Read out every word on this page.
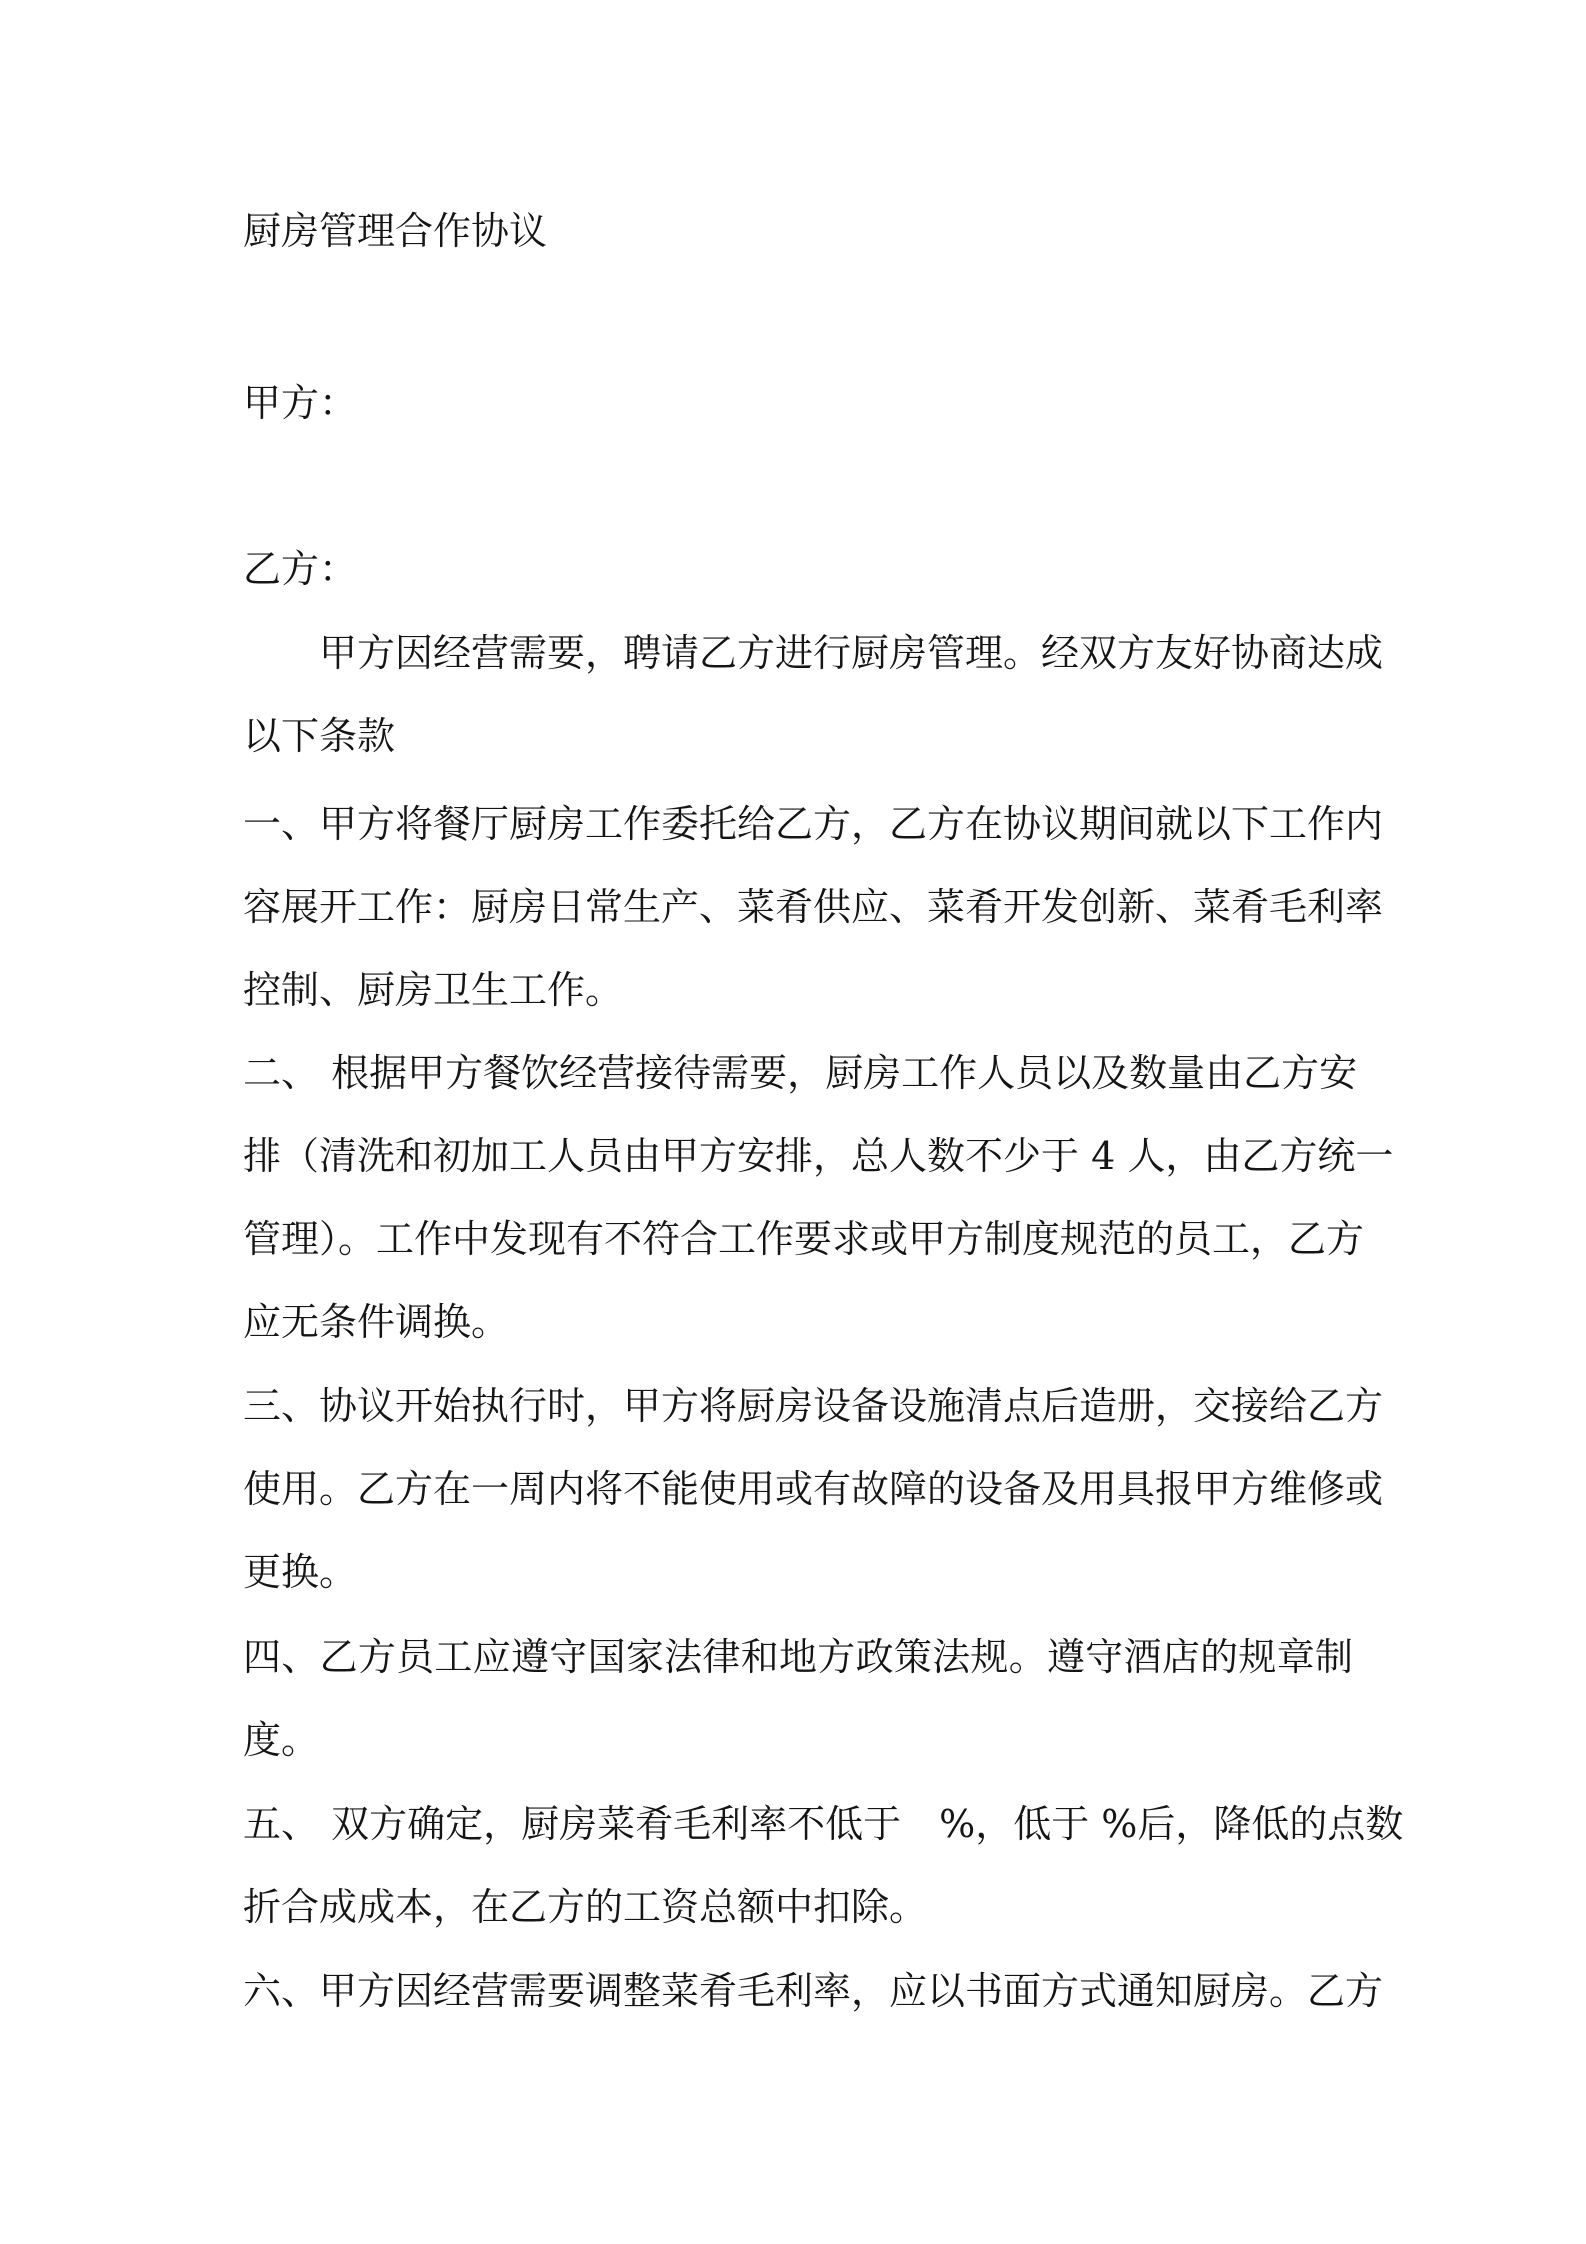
厨房管理合作协议
甲方：
乙方：
　　甲方因经营需要，聘请乙方进行厨房管理。经双方友好协商达成
以下条款
一、甲方将餐厅厨房工作委托给乙方，乙方在协议期间就以下工作内
容展开工作：厨房日常生产、菜肴供应、菜肴开发创新、菜肴毛利率
控制、厨房卫生工作。
二、 根据甲方餐饮经营接待需要，厨房工作人员以及数量由乙方安
排（清洗和初加工人员由甲方安排，总人数不少于 4 人，由乙方统一
管理）。工作中发现有不符合工作要求或甲方制度规范的员工，乙方
应无条件调换。
三、协议开始执行时，甲方将厨房设备设施清点后造册，交接给乙方
使用。乙方在一周内将不能使用或有故障的设备及用具报甲方维修或
更换。
四、乙方员工应遵守国家法律和地方政策法规。遵守酒店的规章制
度。
五、 双方确定，厨房菜肴毛利率不低于　%，低于 %后，降低的点数
折合成成本，在乙方的工资总额中扣除。
六、甲方因经营需要调整菜肴毛利率，应以书面方式通知厨房。乙方
